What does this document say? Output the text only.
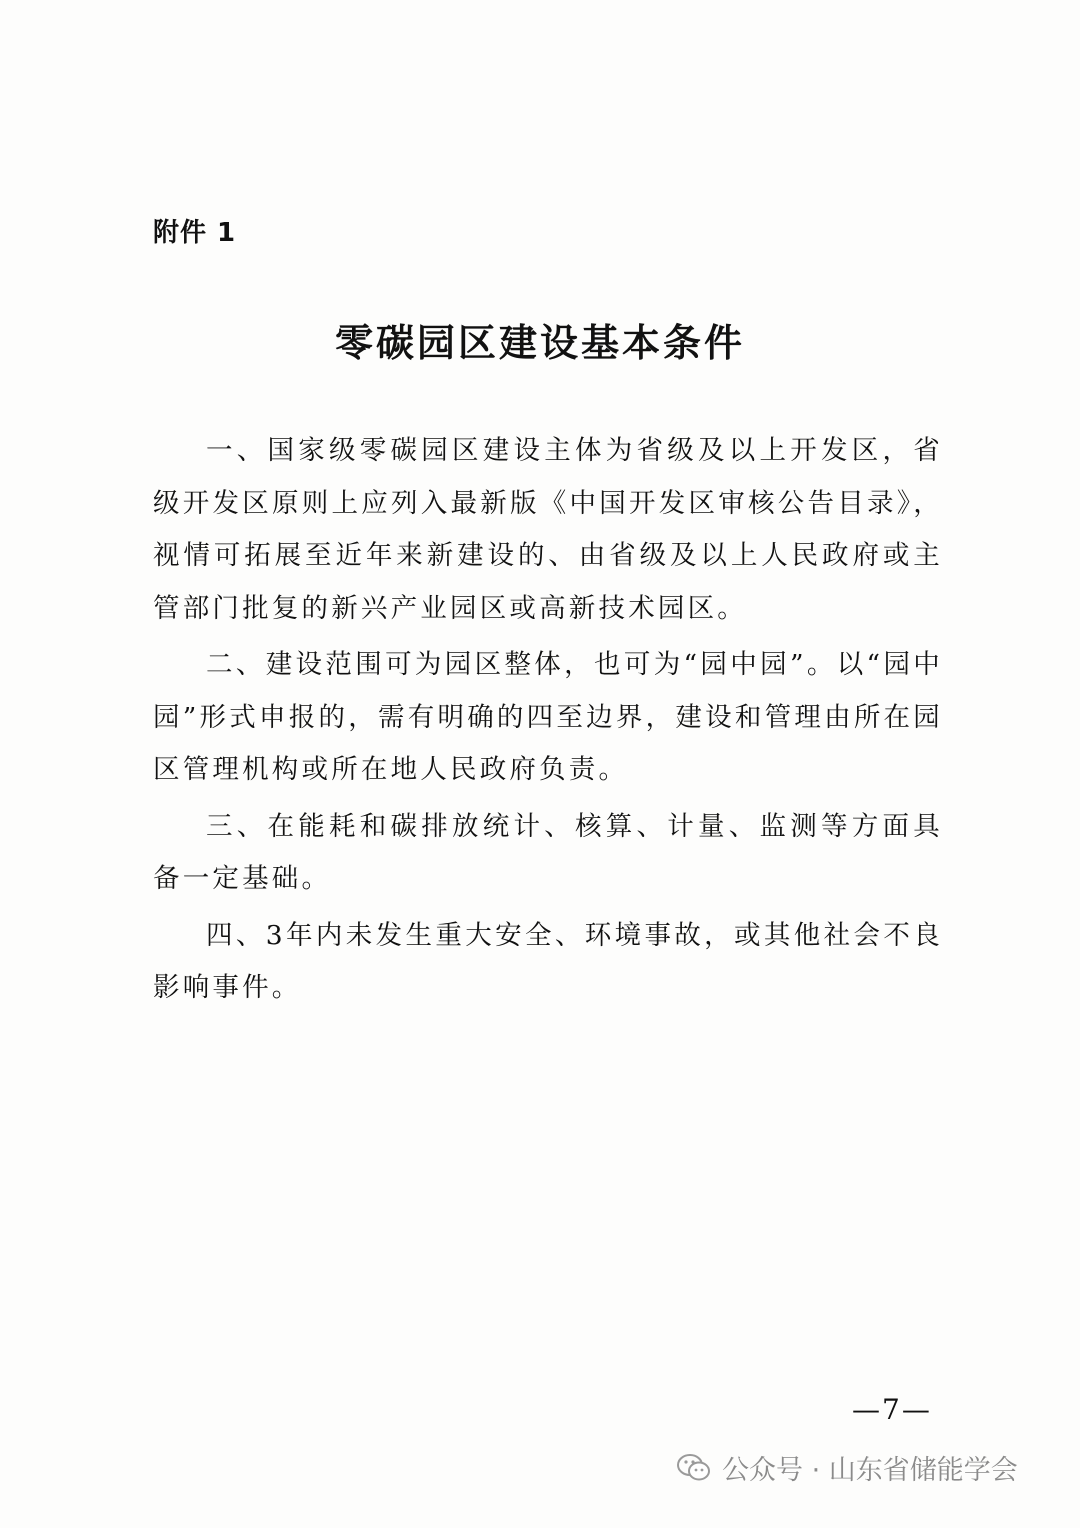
附件 1
零碳园区建设基本条件

一、国家级零碳园区建设主体为省级及以上开发区，省级开发区原则上应列入最新版《中国开发区审核公告目录》，视情可拓展至近年来新建设的、由省级及以上人民政府或主管部门批复的新兴产业园区或高新技术园区。

二、建设范围可为园区整体，也可为“园中园”。以“园中园”形式申报的，需有明确的四至边界，建设和管理由所在园区管理机构或所在地人民政府负责。

三、在能耗和碳排放统计、核算、计量、监测等方面具备一定基础。

四、3年内未发生重大安全、环境事故，或其他社会不良影响事件。

—7—
公众号 · 山东省储能学会
